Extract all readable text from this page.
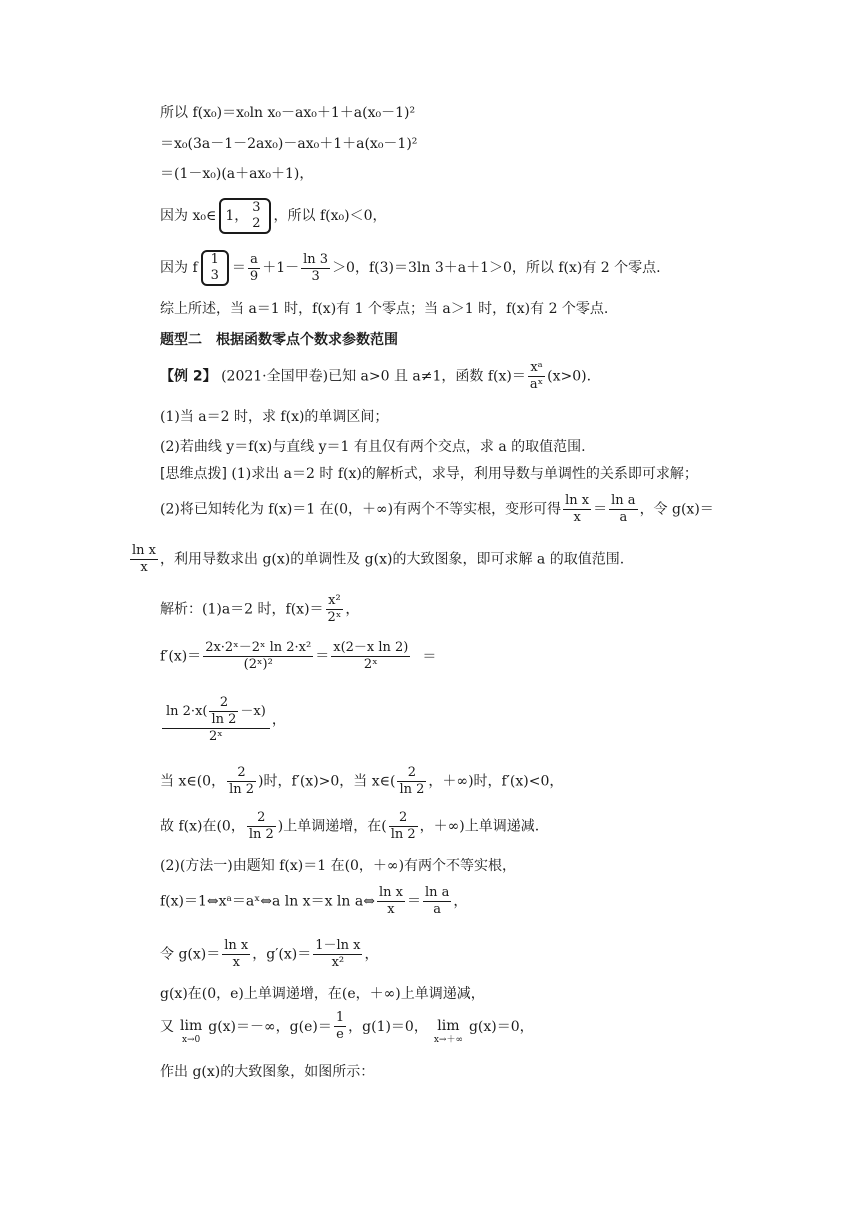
所以 f(x₀)＝x₀ln x₀－ax₀＋1＋a(x₀－1)²
＝x₀(3a－1－2ax₀)－ax₀＋1＋a(x₀－1)²
＝(1－x₀)(a＋ax₀＋1)，
因为 x₀∈ 1，
3
2 ，所以 f(x₀)＜0，
因为 f
1
$3 = \frac{a}{9} +1- \frac{\ln 3}{3} >0$，f(3)＝3ln 3＋a＋1＞0，所以 f(x)有 2 个零点.
综上所述，当 a＝1 时，f(x)有 1 个零点；当 a＞1 时，f(x)有 2 个零点.
题型二　根据函数零点个数求参数范围
【例 2】 (2021·全国甲卷)已知 a>0 且 a≠1，函数 $f(x)= \frac{\text{xᵃ}}{\text{aˣ}} (x>0)$.
(1)当 a＝2 时，求 f(x)的单调区间；
(2)若曲线 y＝f(x)与直线 y＝1 有且仅有两个交点，求 a 的取值范围.
[思维点拨] (1)求出 a＝2 时 f(x)的解析式，求导，利用导数与单调性的关系即可求解；
(2)将已知转化为 f(x)＝1 在(0，＋∞)有两个不等实根，变形可得 $\frac{\text{ln x}}{x} = \frac{\text{ln a}}{a}$ ，令 g(x)＝
$\frac{\text{ln x}}{x}$ ，利用导数求出 g(x)的单调性及 g(x)的大致图象，即可求解 a 的取值范围.
解析：(1)a＝2 时，$f(x)= \frac{\text{x²}}{\text{2ˣ}}$ ，
$f'(x)= \frac{\text{2x·2ˣ－2ˣ ln 2·x²}}{\text{(2ˣ)²}} = \frac{\text{x(2－x ln 2)}}{\text{2ˣ}}$ ＝
$\frac{\ln 2\cdot x( \frac{2}{\ln 2} -x)}{\text{2ˣ}}$ ，
当 x∈(0， $\frac{2}{\ln 2}$ )时，f′(x)>0，当 x∈( $\frac{2}{\ln 2}$ ，＋∞)时，f′(x)<0，
故 f(x)在(0， $\frac{2}{\ln 2}$ )上单调递增，在( $\frac{2}{\ln 2}$ ，＋∞)上单调递减.
(2)(方法一)由题知 f(x)＝1 在(0，＋∞)有两个不等实根，
f(x)＝1⇔xᵃ＝aˣ⇔a ln x＝x ln a⇔ $\frac{\text{ln x}}{x} = \frac{\text{ln a}}{a}$ ，
令 $g(x)= \frac{\text{ln x}}{x}$ ，$g'(x)= \frac{\text{1－ln x}}{\text{x²}}$ ，
g(x)在(0，e)上单调递增，在(e，＋∞)上单调递减，
又 lim
x→0
g(x)＝－∞，$g(e)= \frac{1}{e}$ ，g(1)＝0， lim
x→＋∞
g(x)＝0，
作出 g(x)的大致图象，如图所示：
